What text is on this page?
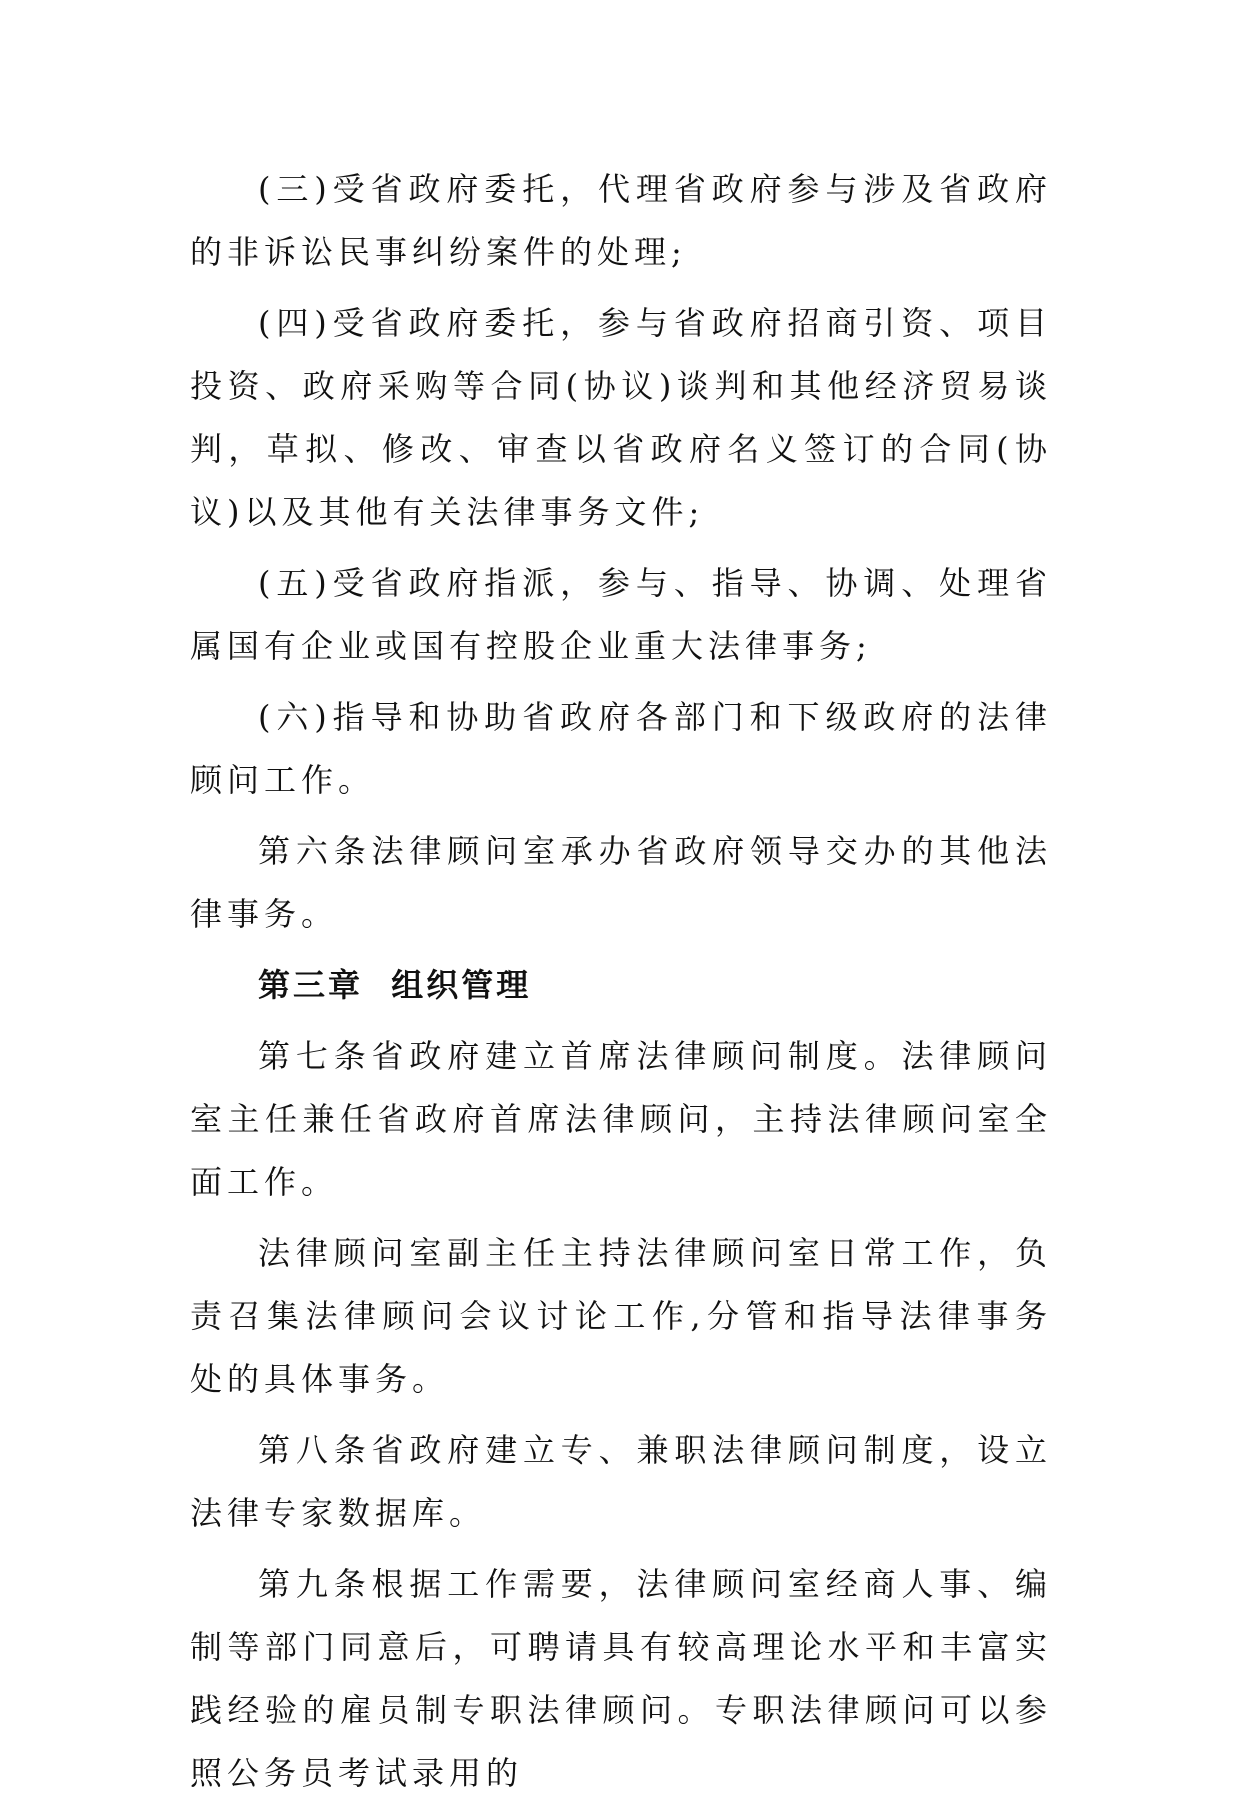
(三)受省政府委托，代理省政府参与涉及省政府的非诉讼民事纠纷案件的处理;

(四)受省政府委托，参与省政府招商引资、项目投资、政府采购等合同(协议)谈判和其他经济贸易谈判，草拟、修改、审查以省政府名义签订的合同(协议)以及其他有关法律事务文件;

(五)受省政府指派，参与、指导、协调、处理省属国有企业或国有控股企业重大法律事务;

(六)指导和协助省政府各部门和下级政府的法律顾问工作。

第六条法律顾问室承办省政府领导交办的其他法律事务。

第三章  组织管理

第七条省政府建立首席法律顾问制度。法律顾问室主任兼任省政府首席法律顾问，主持法律顾问室全面工作。

法律顾问室副主任主持法律顾问室日常工作，负责召集法律顾问会议讨论工作,分管和指导法律事务处的具体事务。

第八条省政府建立专、兼职法律顾问制度，设立法律专家数据库。

第九条根据工作需要，法律顾问室经商人事、编制等部门同意后，可聘请具有较高理论水平和丰富实践经验的雇员制专职法律顾问。专职法律顾问可以参照公务员考试录用的
